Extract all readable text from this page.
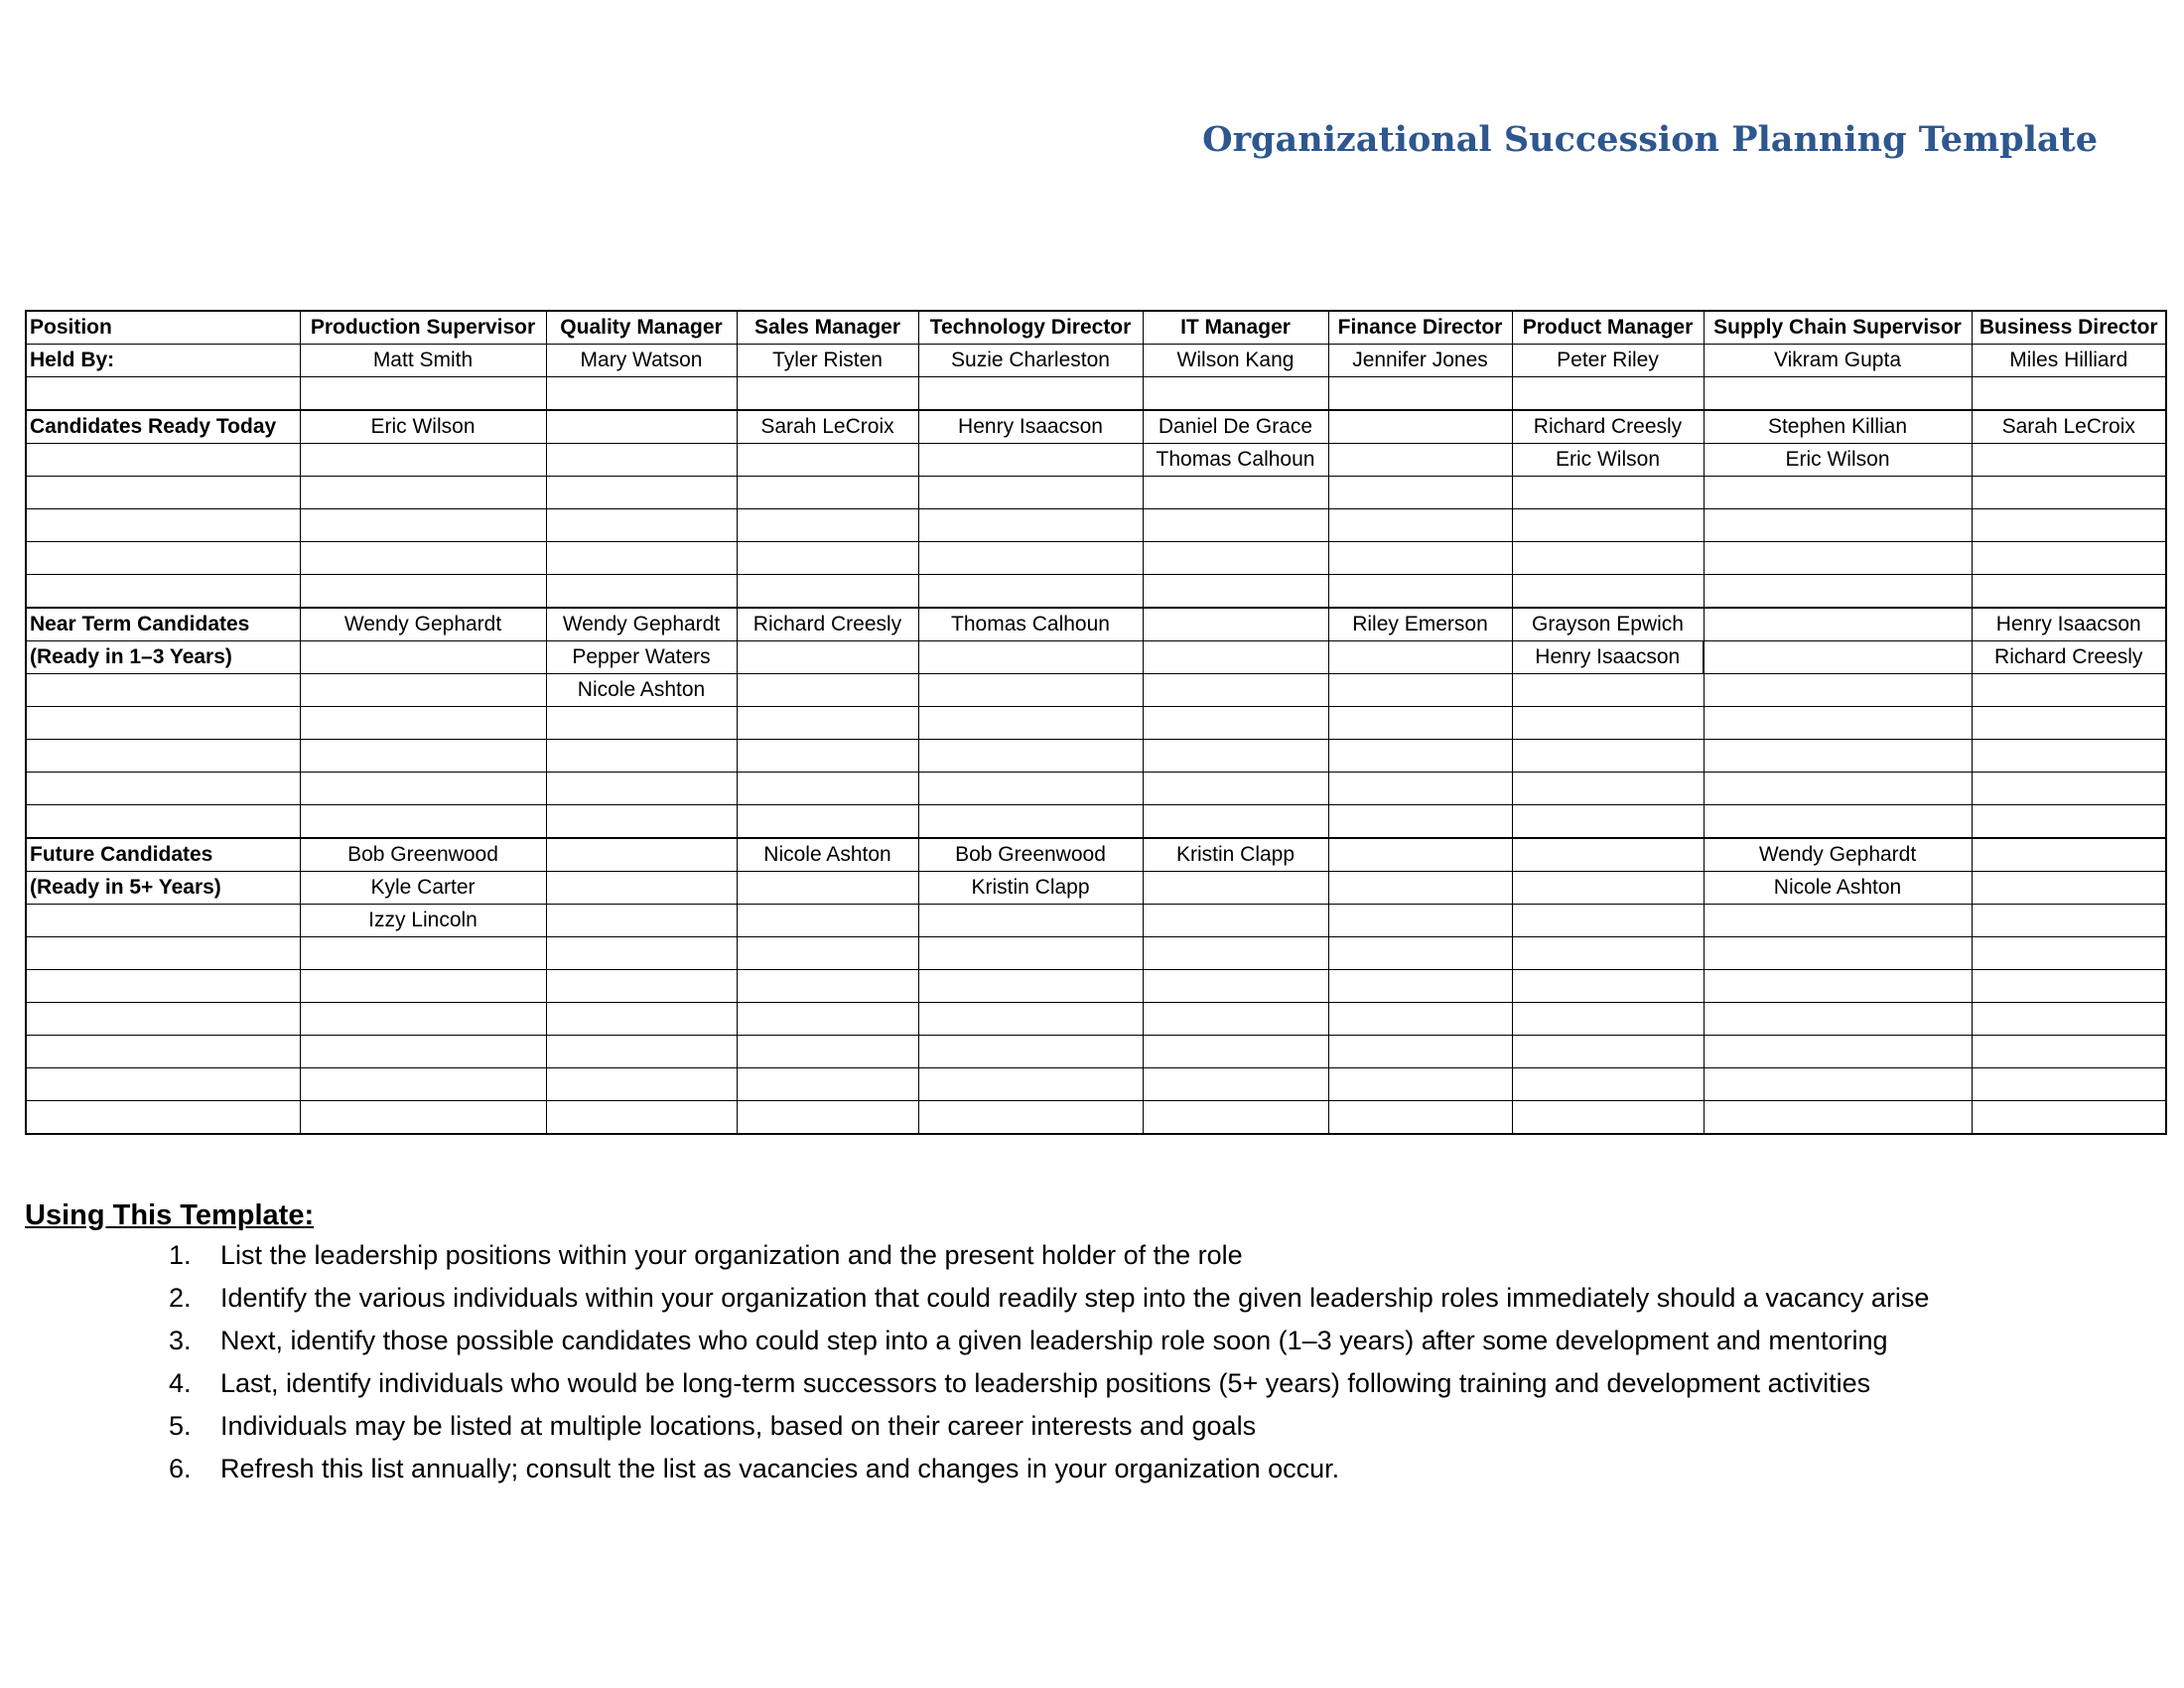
Organizational Succession Planning Template
Position	Production Supervisor	Quality Manager	Sales Manager	Technology Director	IT Manager	Finance Director	Product Manager	Supply Chain Supervisor	Business Director
Held By:	Matt Smith	Mary Watson	Tyler Risten	Suzie Charleston	Wilson Kang	Jennifer Jones	Peter Riley	Vikram Gupta	Miles Hilliard

Candidates Ready Today	Eric Wilson		Sarah LeCroix	Henry Isaacson	Daniel De Grace		Richard Creesly	Stephen Killian	Sarah LeCroix
					Thomas Calhoun		Eric Wilson	Eric Wilson	

Near Term Candidates	Wendy Gephardt	Wendy Gephardt	Richard Creesly	Thomas Calhoun		Riley Emerson	Grayson Epwich		Henry Isaacson
(Ready in 1–3 Years)		Pepper Waters					Henry Isaacson		Richard Creesly
		Nicole Ashton							

Future Candidates	Bob Greenwood		Nicole Ashton	Bob Greenwood	Kristin Clapp			Wendy Gephardt	
(Ready in 5+ Years)	Kyle Carter			Kristin Clapp				Nicole Ashton	
	Izzy Lincoln								

Using This Template:
1. List the leadership positions within your organization and the present holder of the role
2. Identify the various individuals within your organization that could readily step into the given leadership roles immediately should a vacancy arise
3. Next, identify those possible candidates who could step into a given leadership role soon (1–3 years) after some development and mentoring
4. Last, identify individuals who would be long-term successors to leadership positions (5+ years) following training and development activities
5. Individuals may be listed at multiple locations, based on their career interests and goals
6. Refresh this list annually; consult the list as vacancies and changes in your organization occur.
